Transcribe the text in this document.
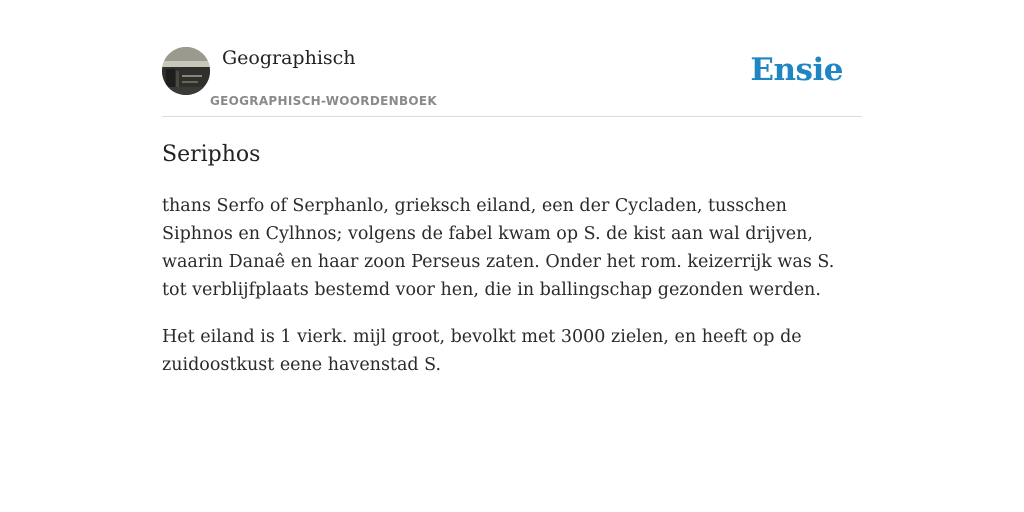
Geographisch
GEOGRAPHISCH-WOORDENBOEK
Ensie
Seriphos

thans Serfo of Serphanlo, grieksch eiland, een der Cycladen, tusschen Siphnos en Cylhnos; volgens de fabel kwam op S. de kist aan wal drijven, waarin Danaê en haar zoon Perseus zaten. Onder het rom. keizerrijk was S. tot verblijfplaats bestemd voor hen, die in ballingschap gezonden werden.

Het eiland is 1 vierk. mijl groot, bevolkt met 3000 zielen, en heeft op de zuidoostkust eene havenstad S.
